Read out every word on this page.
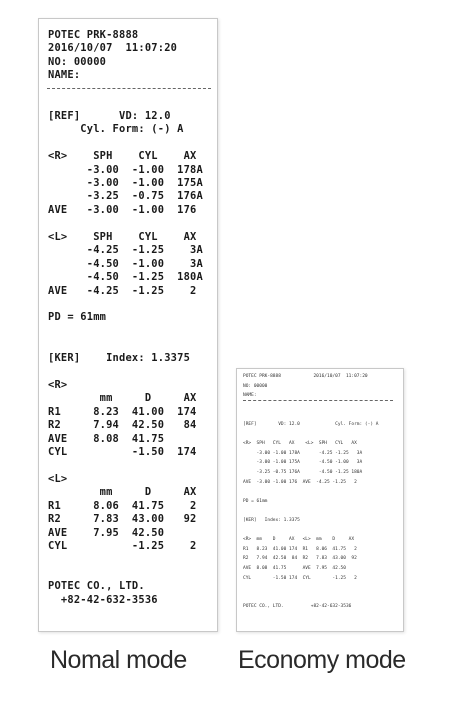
POTEC PRK-8888
2016/10/07  11:07:20
NO: 00000
NAME:
[REF]      VD: 12.0
Cyl. Form: (-) A
<R>    SPH    CYL    AX
-3.00  -1.00  178A
-3.00  -1.00  175A
-3.25  -0.75  176A
AVE   -3.00  -1.00  176
<L>    SPH    CYL    AX
-4.25  -1.25    3A
-4.50  -1.00    3A
-4.50  -1.25  180A
AVE   -4.25  -1.25    2
PD = 61mm
[KER]    Index: 1.3375
<R>
mm     D     AX
R1     8.23  41.00  174
R2     7.94  42.50   84
AVE    8.08  41.75
CYL          -1.50  174
<L>
mm     D     AX
R1     8.06  41.75    2
R2     7.83  43.00   92
AVE    7.95  42.50
CYL          -1.25    2
POTEC CO., LTD.
+82-42-632-3536
POTEC PRK-8888            2016/10/07  11:07:20
NO: 00000
NAME:
[REF]        VD: 12.0             Cyl. Form: (-) A
<R>  SPH   CYL   AX    <L>  SPH   CYL   AX
-3.00 -1.00 178A       -4.25 -1.25   3A
-3.00 -1.00 175A       -4.50 -1.00   3A
-3.25 -0.75 176A       -4.50 -1.25 180A
AVE  -3.00 -1.00 176  AVE  -4.25 -1.25   2
PD = 61mm
[KER]   Index: 1.3375
<R>  mm    D     AX   <L>  mm    D     AX
R1   8.23  41.00 174  R1   8.06  41.75   2
R2   7.94  42.50  84  R2   7.83  43.00  92
AVE  8.08  41.75      AVE  7.95  42.50
CYL        -1.50 174  CYL        -1.25   2
POTEC CO., LTD.          +82-42-632-3536
Nomal mode Economy mode
